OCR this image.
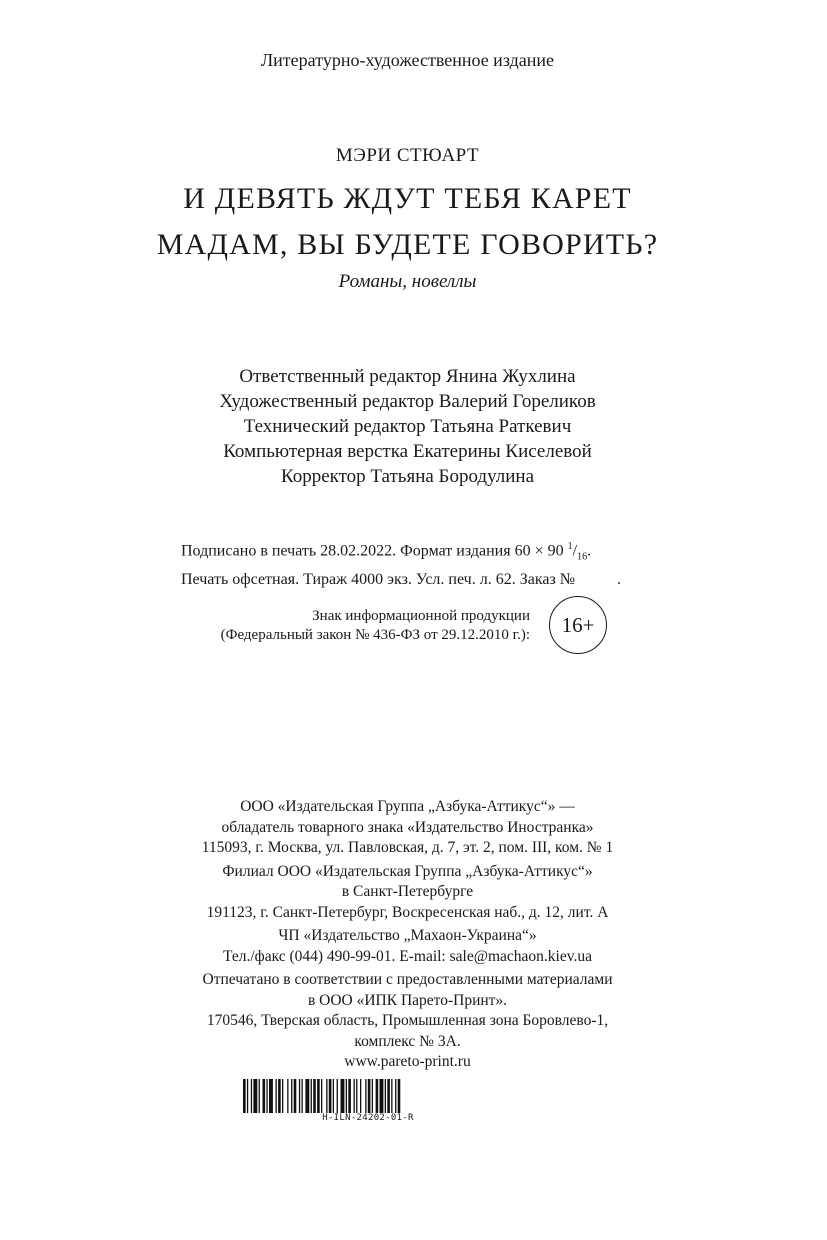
Литературно-художественное издание
МЭРИ СТЮАРТ
И ДЕВЯТЬ ЖДУТ ТЕБЯ КАРЕТ
МАДАМ, ВЫ БУДЕТЕ ГОВОРИТЬ?
Романы, новеллы
Ответственный редактор Янина Жухлина
Художественный редактор Валерий Гореликов
Технический редактор Татьяна Раткевич
Компьютерная верстка Екатерины Киселевой
Корректор Татьяна Бородулина
Подписано в печать 28.02.2022. Формат издания 60 × 90 $^1/_{16}$.
Печать офсетная. Тираж 4000 экз. Усл. печ. л. 62. Заказ №	.
Знак информационной продукции
(Федеральный закон № 436-ФЗ от 29.12.2010 г.):	16+
ООО «Издательская Группа „Азбука-Аттикус“» —
обладатель товарного знака «Издательство Иностранка»
115093, г. Москва, ул. Павловская, д. 7, эт. 2, пом. III, ком. № 1
Филиал ООО «Издательская Группа „Азбука-Аттикус“»
в Санкт-Петербурге
191123, г. Санкт-Петербург, Воскресенская наб., д. 12, лит. А
ЧП «Издательство „Махаон-Украина“»
Тел./факс (044) 490-99-01. E-mail: sale@machaon.kiev.ua
Отпечатано в соответствии с предоставленными материалами
в ООО «ИПК Парето-Принт».
170546, Тверская область, Промышленная зона Боровлево-1,
комплекс № 3А.
www.pareto-print.ru
H-ILN-24202-01-R
